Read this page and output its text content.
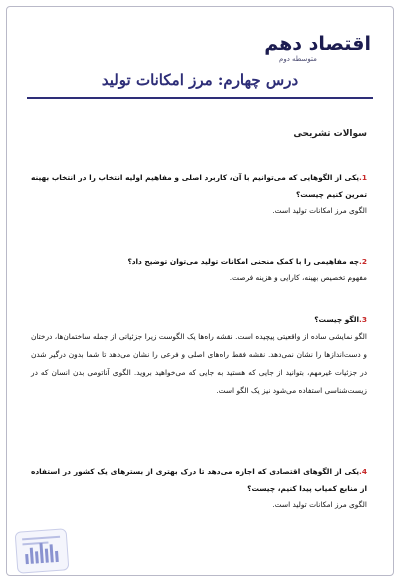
اقتصاد دهم
متوسطه دوم
درس چهارم: مرز امکانات تولید
سوالات تشریحی
1.یکی از الگوهایی که می‌توانیم با آن، کاربرد اصلی و مفاهیم اولیه انتخاب را در انتخاب بهینه تمرین کنیم چیست؟
الگوی مرز امکانات تولید است.
2.چه مفاهیمی را با کمک منحنی امکانات تولید می‌توان توضیح داد؟
مفهوم تخصیص بهینه، کارایی و هزینه فرصت.
3.الگو چیست؟
الگو نمایشی ساده از واقعیتی پیچیده است. نقشه راه‌ها یک الگوست زیرا جزئیاتی از جمله ساختمان‌ها، درختان و دست‌اندازها را نشان نمی‌دهد. نقشه فقط راه‌های اصلی و فرعی را نشان می‌دهد تا شما بدون درگیر شدن در جزئیات غیرمهم، بتوانید از جایی که هستید به جایی که می‌خواهید بروید. الگوی آناتومی بدن انسان که در زیست‌شناسی استفاده می‌شود نیز یک الگو است.
4.یکی از الگوهای اقتصادی که اجازه می‌دهد تا درک بهتری از بسترهای یک کشور در استفاده از منابع کمیاب پیدا کنیم، چیست؟
الگوی مرز امکانات تولید است.
